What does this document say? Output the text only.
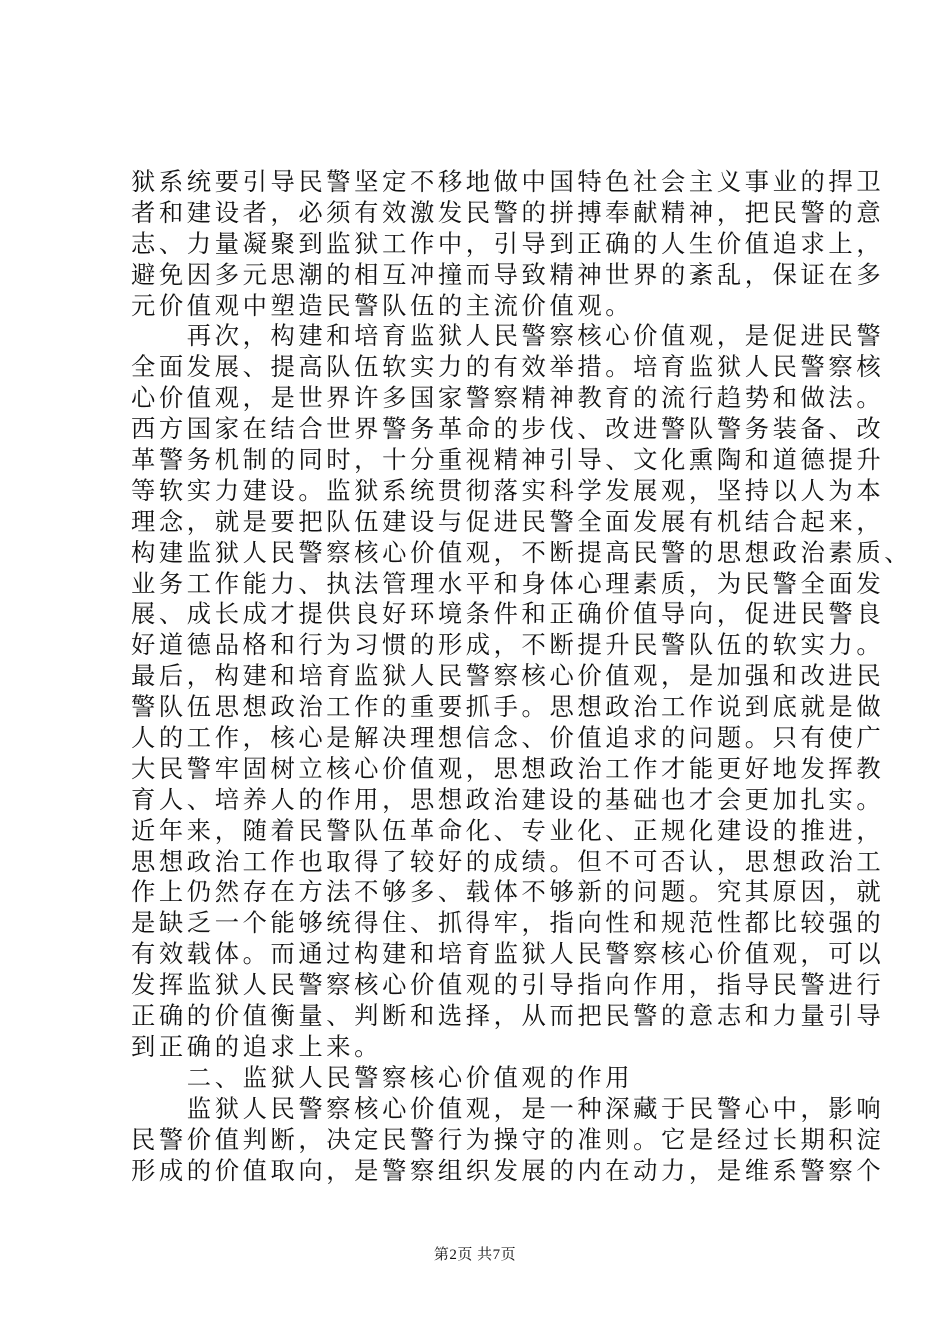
狱系统要引导民警坚定不移地做中国特色社会主义事业的捍卫
者和建设者，必须有效激发民警的拼搏奉献精神，把民警的意
志、力量凝聚到监狱工作中，引导到正确的人生价值追求上，
避免因多元思潮的相互冲撞而导致精神世界的紊乱，保证在多
元价值观中塑造民警队伍的主流价值观。
　　再次，构建和培育监狱人民警察核心价值观，是促进民警
全面发展、提高队伍软实力的有效举措。培育监狱人民警察核
心价值观，是世界许多国家警察精神教育的流行趋势和做法。
西方国家在结合世界警务革命的步伐、改进警队警务装备、改
革警务机制的同时，十分重视精神引导、文化熏陶和道德提升
等软实力建设。监狱系统贯彻落实科学发展观，坚持以人为本
理念，就是要把队伍建设与促进民警全面发展有机结合起来，
构建监狱人民警察核心价值观，不断提高民警的思想政治素质、
业务工作能力、执法管理水平和身体心理素质，为民警全面发
展、成长成才提供良好环境条件和正确价值导向，促进民警良
好道德品格和行为习惯的形成，不断提升民警队伍的软实力。
最后，构建和培育监狱人民警察核心价值观，是加强和改进民
警队伍思想政治工作的重要抓手。思想政治工作说到底就是做
人的工作，核心是解决理想信念、价值追求的问题。只有使广
大民警牢固树立核心价值观，思想政治工作才能更好地发挥教
育人、培养人的作用，思想政治建设的基础也才会更加扎实。
近年来，随着民警队伍革命化、专业化、正规化建设的推进，
思想政治工作也取得了较好的成绩。但不可否认，思想政治工
作上仍然存在方法不够多、载体不够新的问题。究其原因，就
是缺乏一个能够统得住、抓得牢，指向性和规范性都比较强的
有效载体。而通过构建和培育监狱人民警察核心价值观，可以
发挥监狱人民警察核心价值观的引导指向作用，指导民警进行
正确的价值衡量、判断和选择，从而把民警的意志和力量引导
到正确的追求上来。
　　二、监狱人民警察核心价值观的作用
　　监狱人民警察核心价值观，是一种深藏于民警心中，影响
民警价值判断，决定民警行为操守的准则。它是经过长期积淀
形成的价值取向，是警察组织发展的内在动力，是维系警察个
第2页 共7页
